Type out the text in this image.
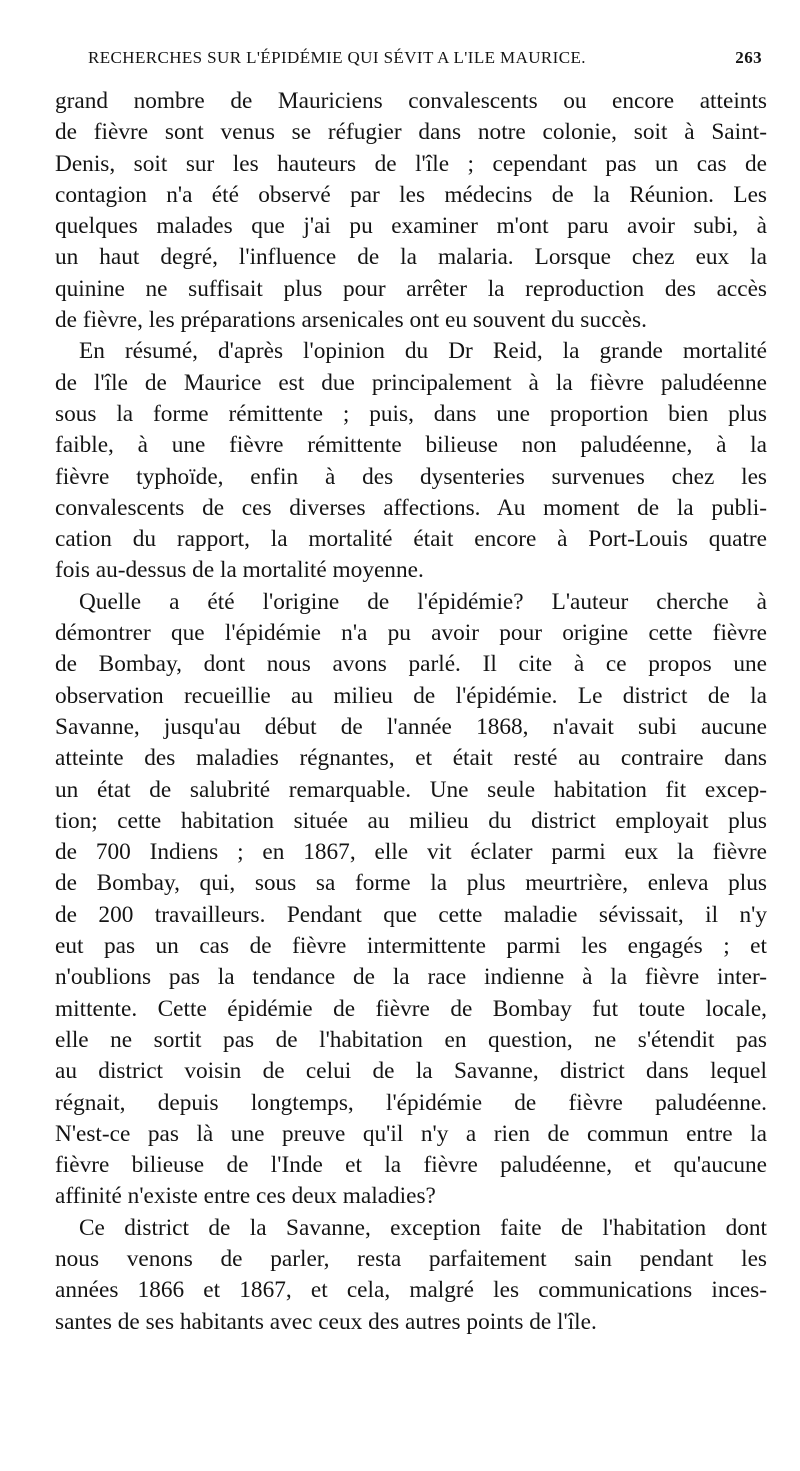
RECHERCHES SUR L'ÉPIDÉMIE QUI SÉVIT A L'ILE MAURICE.	263
grand nombre de Mauriciens convalescents ou encore atteints
de fièvre sont venus se réfugier dans notre colonie, soit à Saint-
Denis, soit sur les hauteurs de l'île ; cependant pas un cas de
contagion n'a été observé par les médecins de la Réunion. Les
quelques malades que j'ai pu examiner m'ont paru avoir subi, à
un haut degré, l'influence de la malaria. Lorsque chez eux la
quinine ne suffisait plus pour arrêter la reproduction des accès
de fièvre, les préparations arsenicales ont eu souvent du succès.
En résumé, d'après l'opinion du Dr Reid, la grande mortalité
de l'île de Maurice est due principalement à la fièvre paludéenne
sous la forme rémittente ; puis, dans une proportion bien plus
faible, à une fièvre rémittente bilieuse non paludéenne, à la
fièvre typhoïde, enfin à des dysenteries survenues chez les
convalescents de ces diverses affections. Au moment de la publi-
cation du rapport, la mortalité était encore à Port-Louis quatre
fois au-dessus de la mortalité moyenne.
Quelle a été l'origine de l'épidémie? L'auteur cherche à
démontrer que l'épidémie n'a pu avoir pour origine cette fièvre
de Bombay, dont nous avons parlé. Il cite à ce propos une
observation recueillie au milieu de l'épidémie. Le district de la
Savanne, jusqu'au début de l'année 1868, n'avait subi aucune
atteinte des maladies régnantes, et était resté au contraire dans
un état de salubrité remarquable. Une seule habitation fit excep-
tion; cette habitation située au milieu du district employait plus
de 700 Indiens ; en 1867, elle vit éclater parmi eux la fièvre
de Bombay, qui, sous sa forme la plus meurtrière, enleva plus
de 200 travailleurs. Pendant que cette maladie sévissait, il n'y
eut pas un cas de fièvre intermittente parmi les engagés ; et
n'oublions pas la tendance de la race indienne à la fièvre inter-
mittente. Cette épidémie de fièvre de Bombay fut toute locale,
elle ne sortit pas de l'habitation en question, ne s'étendit pas
au district voisin de celui de la Savanne, district dans lequel
régnait, depuis longtemps, l'épidémie de fièvre paludéenne.
N'est-ce pas là une preuve qu'il n'y a rien de commun entre la
fièvre bilieuse de l'Inde et la fièvre paludéenne, et qu'aucune
affinité n'existe entre ces deux maladies?
Ce district de la Savanne, exception faite de l'habitation dont
nous venons de parler, resta parfaitement sain pendant les
années 1866 et 1867, et cela, malgré les communications inces-
santes de ses habitants avec ceux des autres points de l'île.
